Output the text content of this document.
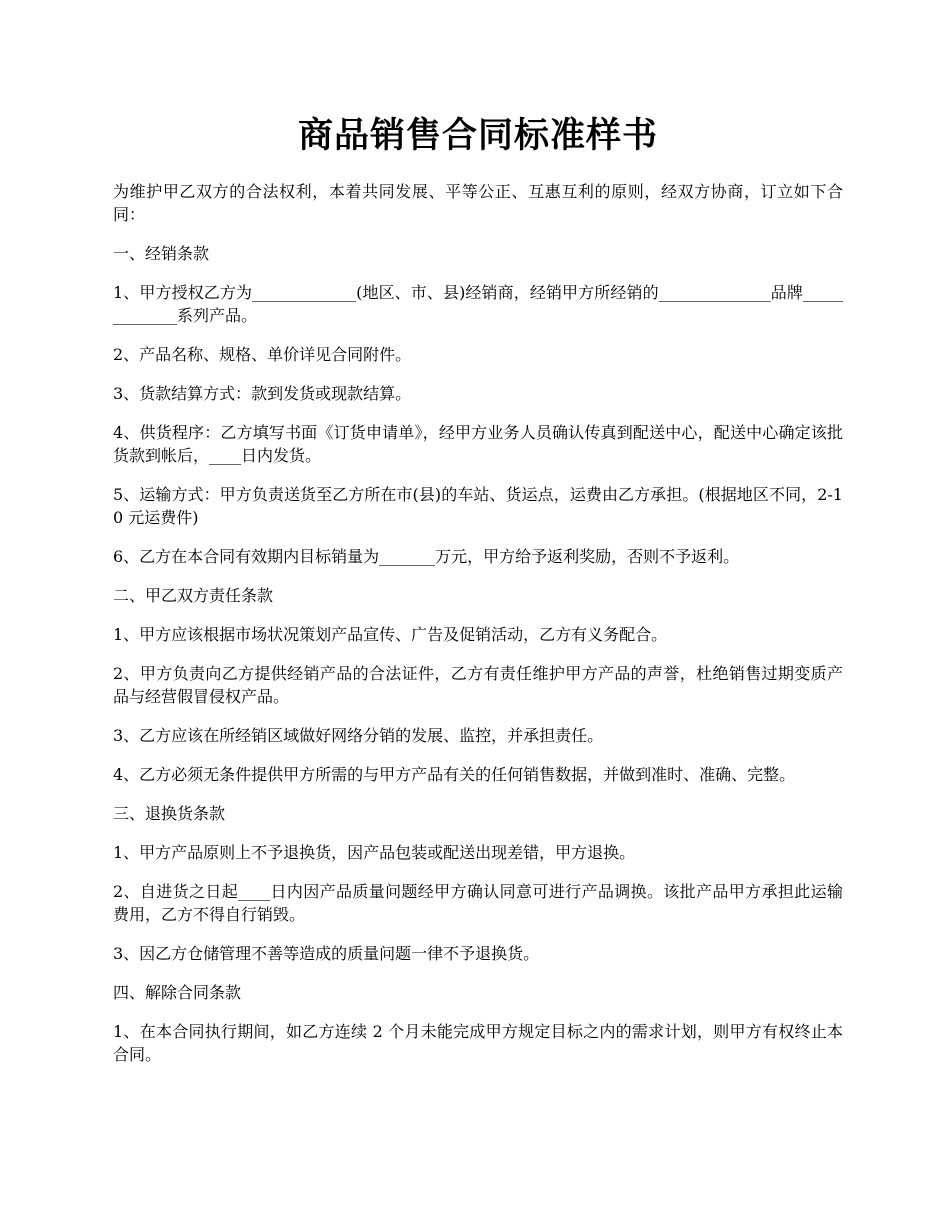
商品销售合同标准样书

为维护甲乙双方的合法权利，本着共同发展、平等公正、互惠互利的原则，经双方协商，订立如下合同：

一、经销条款

1、甲方授权乙方为_____________(地区、市、县)经销商，经销甲方所经销的______________品牌_____________系列产品。

2、产品名称、规格、单价详见合同附件。

3、货款结算方式：款到发货或现款结算。

4、供货程序：乙方填写书面《订货申请单》，经甲方业务人员确认传真到配送中心，配送中心确定该批货款到帐后，____日内发货。

5、运输方式：甲方负责送货至乙方所在市(县)的车站、货运点，运费由乙方承担。(根据地区不同，2-10 元运费件)

6、乙方在本合同有效期内目标销量为_______万元，甲方给予返利奖励，否则不予返利。

二、甲乙双方责任条款

1、甲方应该根据市场状况策划产品宣传、广告及促销活动，乙方有义务配合。

2、甲方负责向乙方提供经销产品的合法证件，乙方有责任维护甲方产品的声誉，杜绝销售过期变质产品与经营假冒侵权产品。

3、乙方应该在所经销区域做好网络分销的发展、监控，并承担责任。

4、乙方必须无条件提供甲方所需的与甲方产品有关的任何销售数据，并做到准时、准确、完整。

三、退换货条款

1、甲方产品原则上不予退换货，因产品包装或配送出现差错，甲方退换。

2、自进货之日起____日内因产品质量问题经甲方确认同意可进行产品调换。该批产品甲方承担此运输费用，乙方不得自行销毁。

3、因乙方仓储管理不善等造成的质量问题一律不予退换货。

四、解除合同条款

1、在本合同执行期间，如乙方连续 2 个月未能完成甲方规定目标之内的需求计划，则甲方有权终止本合同。
